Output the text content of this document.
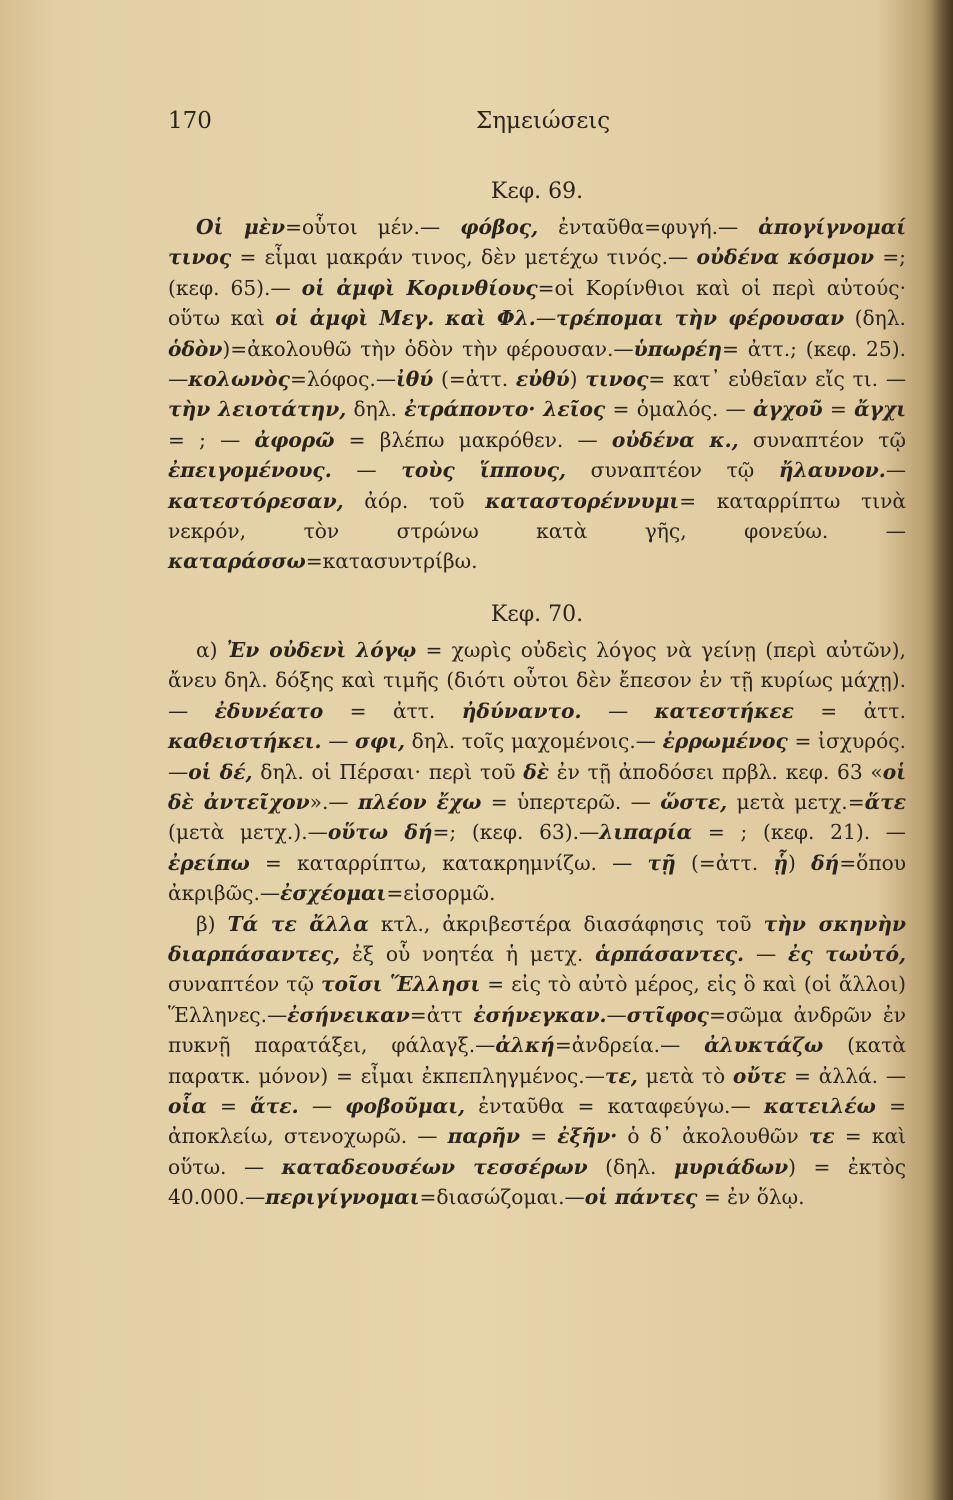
170	Σημειώσεις

Κεφ. 69.

Οἱ μὲν=οὗτοι μέν.— φόβος, ἐνταῦθα=φυγή.— ἀπογίγνομαί τινος = εἶμαι μακράν τινος, δὲν μετέχω τινός.— οὐδένα κόσμον =; (κεφ. 65).— οἱ ἀμφὶ Κορινθίους=οἱ Κορίνθιοι καὶ οἱ περὶ αὐτούς· οὕτω καὶ οἱ ἀμφὶ Μεγ. καὶ Φλ.—τρέπομαι τὴν φέρουσαν (δηλ. ὁδὸν)=ἀκολουθῶ τὴν ὁδὸν τὴν φέρουσαν.—ὑπωρέη= ἀττ.; (κεφ. 25).—κολωνὸς=λόφος.—ἰθύ (=ἀττ. εὐθύ) τινος= κατ᾽ εὐθεῖαν εἴς τι. — τὴν λειοτάτην, δηλ. ἐτράποντο· λεῖος = ὁμαλός. — ἀγχοῦ = ἄγχι = ; — ἀφορῶ = βλέπω μακρόθεν. — οὐδένα κ., συναπτέον τῷ ἐπειγομένους. — τοὺς ἵππους, συναπτέον τῷ ἤλαυνον.—κατεστόρεσαν, ἀόρ. τοῦ καταστορέννυμι= καταρρίπτω τινὰ νεκρόν, τὸν στρώνω κατὰ γῆς, φονεύω. — καταράσσω=κατασυντρίβω.

Κεφ. 70.

α) Ἐν οὐδενὶ λόγῳ = χωρὶς οὐδεὶς λόγος νὰ γείνῃ (περὶ αὐτῶν), ἄνευ δηλ. δόξης καὶ τιμῆς (διότι οὗτοι δὲν ἔπεσον ἐν τῇ κυρίως μάχῃ). — ἐδυνέατο = ἀττ. ἠδύναντο. — κατεστήκεε = ἀττ. καθειστήκει. — σφι, δηλ. τοῖς μαχομένοις.— ἐρρωμένος = ἰσχυρός.—οἱ δέ, δηλ. οἱ Πέρσαι· περὶ τοῦ δὲ ἐν τῇ ἀποδόσει πρβλ. κεφ. 63 «οἱ δὲ ἀντεῖχον».— πλέον ἔχω = ὑπερτερῶ. — ὥστε, μετὰ μετχ.=ἅτε (μετὰ μετχ.).—οὕτω δή=; (κεφ. 63).—λιπαρία = ; (κεφ. 21). — ἐρείπω = καταρρίπτω, κατακρημνίζω. — τῇ (=ἀττ. ᾗ) δή=ὅπου ἀκριβῶς.—ἐσχέομαι=εἰσορμῶ.

β) Τά τε ἄλλα κτλ., ἀκριβεστέρα διασάφησις τοῦ τὴν σκηνὴν διαρπάσαντες, ἐξ οὗ νοητέα ἡ μετχ. ἁρπάσαντες. — ἐς τωὐτό, συναπτέον τῷ τοῖσι Ἕλλησι = εἰς τὸ αὐτὸ μέρος, εἰς ὃ καὶ (οἱ ἄλλοι) Ἕλληνες.—ἐσήνεικαν=ἀττ ἐσήνεγκαν.—στῖφος=σῶμα ἀνδρῶν ἐν πυκνῇ παρατάξει, φάλαγξ.—ἀλκή=ἀνδρεία.— ἀλυκτάζω (κατὰ παρατκ. μόνον) = εἶμαι ἐκπεπληγμένος.—τε, μετὰ τὸ οὔτε = ἀλλά. — οἷα = ἅτε. — φοβοῦμαι, ἐνταῦθα = καταφεύγω.— κατειλέω = ἀποκλείω, στενοχωρῶ. — παρῆν = ἐξῆν· ὁ δ᾽ ἀκολουθῶν τε = καὶ οὕτω. — καταδεουσέων τεσσέρων (δηλ. μυριάδων) = ἐκτὸς 40.000.—περιγίγνομαι=διασώζομαι.—οἱ πάντες = ἐν ὅλῳ.
